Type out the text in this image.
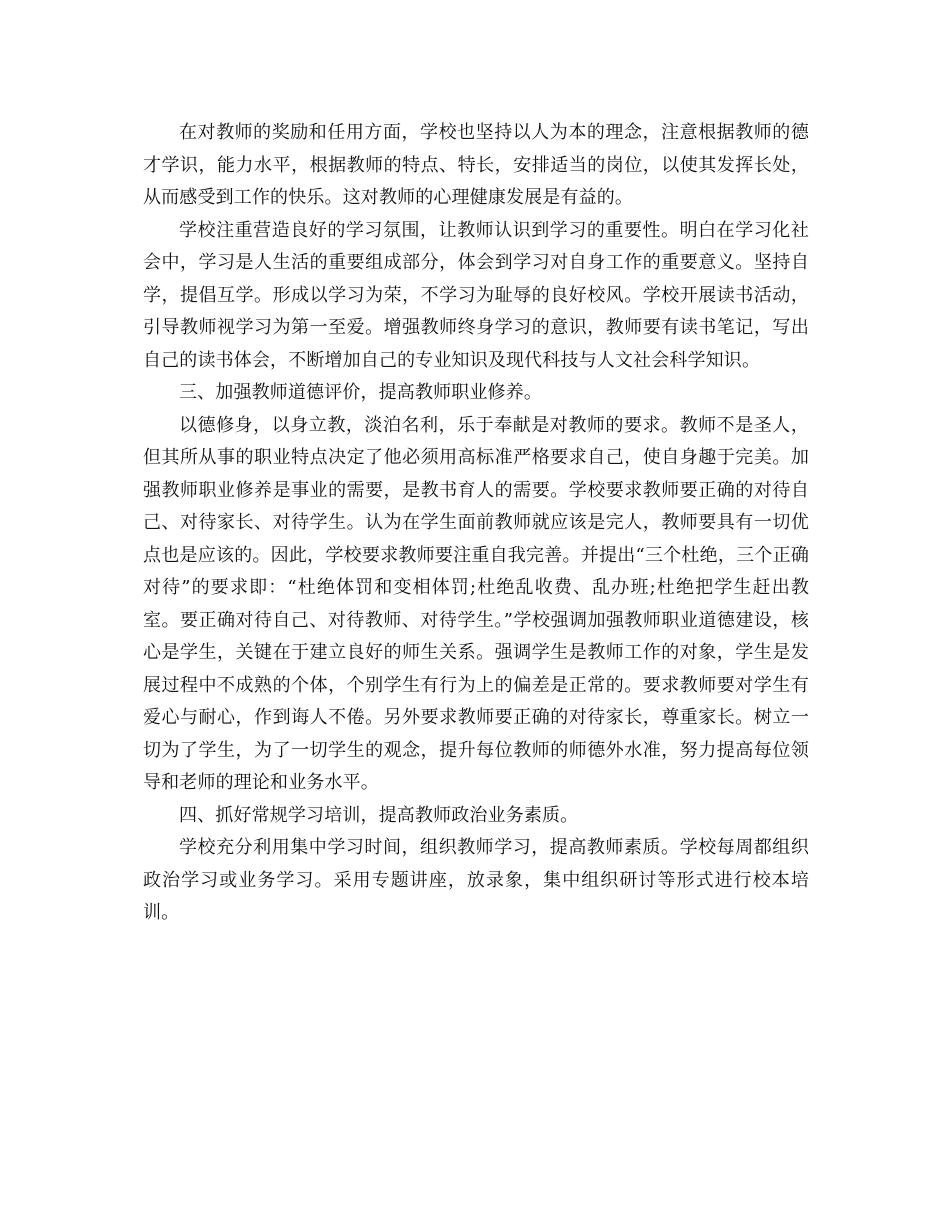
在对教师的奖励和任用方面，学校也坚持以人为本的理念，注意根据教师的德才学识，能力水平，根据教师的特点、特长，安排适当的岗位，以使其发挥长处，从而感受到工作的快乐。这对教师的心理健康发展是有益的。

学校注重营造良好的学习氛围，让教师认识到学习的重要性。明白在学习化社会中，学习是人生活的重要组成部分，体会到学习对自身工作的重要意义。坚持自学，提倡互学。形成以学习为荣，不学习为耻辱的良好校风。学校开展读书活动，引导教师视学习为第一至爱。增强教师终身学习的意识，教师要有读书笔记，写出自己的读书体会，不断增加自己的专业知识及现代科技与人文社会科学知识。

三、加强教师道德评价，提高教师职业修养。

以德修身，以身立教，淡泊名利，乐于奉献是对教师的要求。教师不是圣人，但其所从事的职业特点决定了他必须用高标准严格要求自己，使自身趣于完美。加强教师职业修养是事业的需要，是教书育人的需要。学校要求教师要正确的对待自己、对待家长、对待学生。认为在学生面前教师就应该是完人，教师要具有一切优点也是应该的。因此，学校要求教师要注重自我完善。并提出“三个杜绝，三个正确对待”的要求即：“杜绝体罚和变相体罚;杜绝乱收费、乱办班;杜绝把学生赶出教室。要正确对待自己、对待教师、对待学生。”学校强调加强教师职业道德建设，核心是学生，关键在于建立良好的师生关系。强调学生是教师工作的对象，学生是发展过程中不成熟的个体，个别学生有行为上的偏差是正常的。要求教师要对学生有爱心与耐心，作到诲人不倦。另外要求教师要正确的对待家长，尊重家长。树立一切为了学生，为了一切学生的观念，提升每位教师的师德外水准，努力提高每位领导和老师的理论和业务水平。

四、抓好常规学习培训，提高教师政治业务素质。

学校充分利用集中学习时间，组织教师学习，提高教师素质。学校每周都组织政治学习或业务学习。采用专题讲座，放录象，集中组织研讨等形式进行校本培训。
